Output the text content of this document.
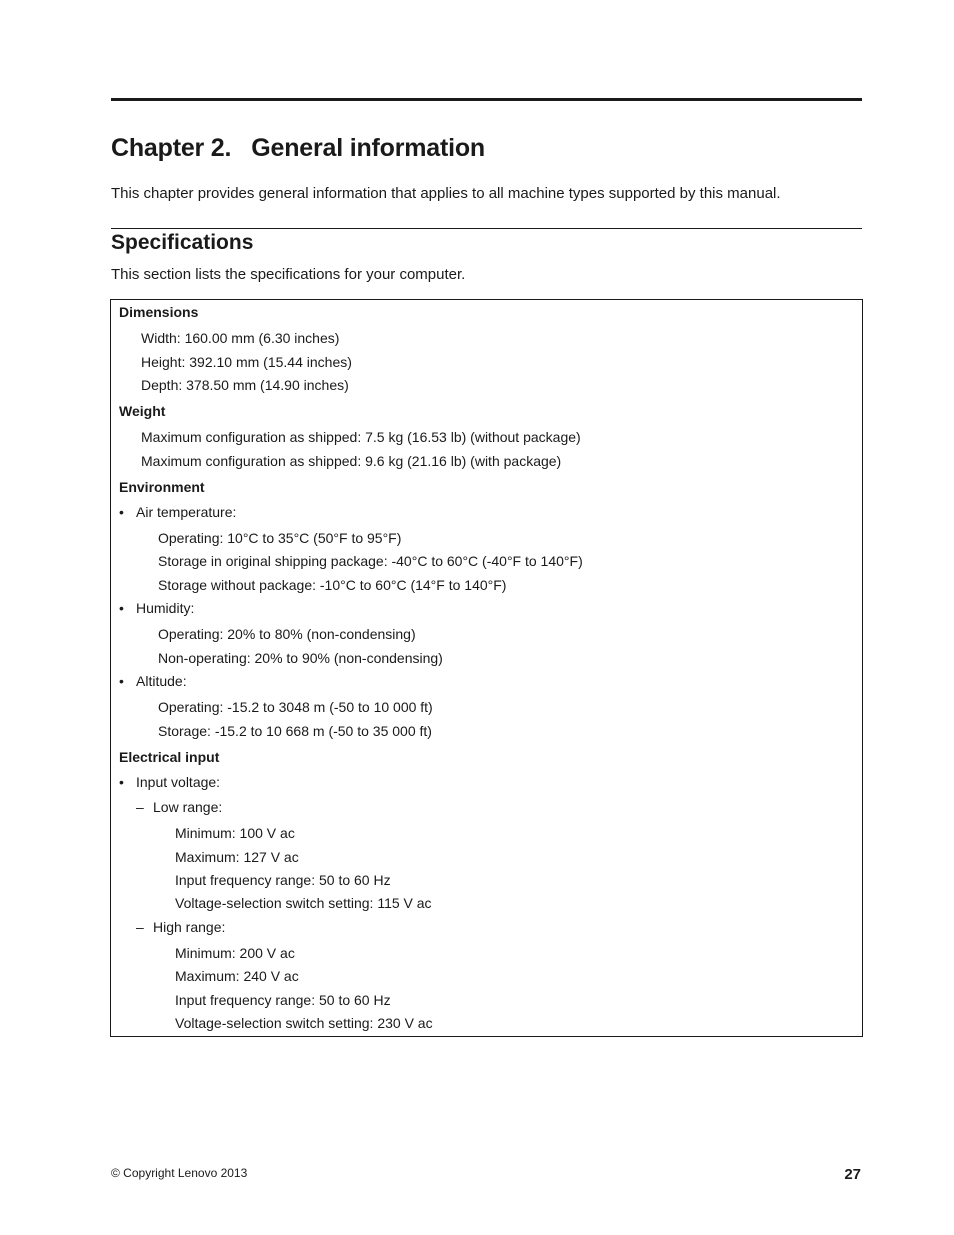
Chapter 2. General information

This chapter provides general information that applies to all machine types supported by this manual.

Specifications

This section lists the specifications for your computer.

Dimensions
Width: 160.00 mm (6.30 inches)
Height: 392.10 mm (15.44 inches)
Depth: 378.50 mm (14.90 inches)
Weight
Maximum configuration as shipped: 7.5 kg (16.53 lb) (without package)
Maximum configuration as shipped: 9.6 kg (21.16 lb) (with package)
Environment
• Air temperature:
Operating: 10°C to 35°C (50°F to 95°F)
Storage in original shipping package: -40°C to 60°C (-40°F to 140°F)
Storage without package: -10°C to 60°C (14°F to 140°F)
• Humidity:
Operating: 20% to 80% (non-condensing)
Non-operating: 20% to 90% (non-condensing)
• Altitude:
Operating: -15.2 to 3048 m (-50 to 10 000 ft)
Storage: -15.2 to 10 668 m (-50 to 35 000 ft)
Electrical input
• Input voltage:
– Low range:
Minimum: 100 V ac
Maximum: 127 V ac
Input frequency range: 50 to 60 Hz
Voltage-selection switch setting: 115 V ac
– High range:
Minimum: 200 V ac
Maximum: 240 V ac
Input frequency range: 50 to 60 Hz
Voltage-selection switch setting: 230 V ac
© Copyright Lenovo 2013	27
